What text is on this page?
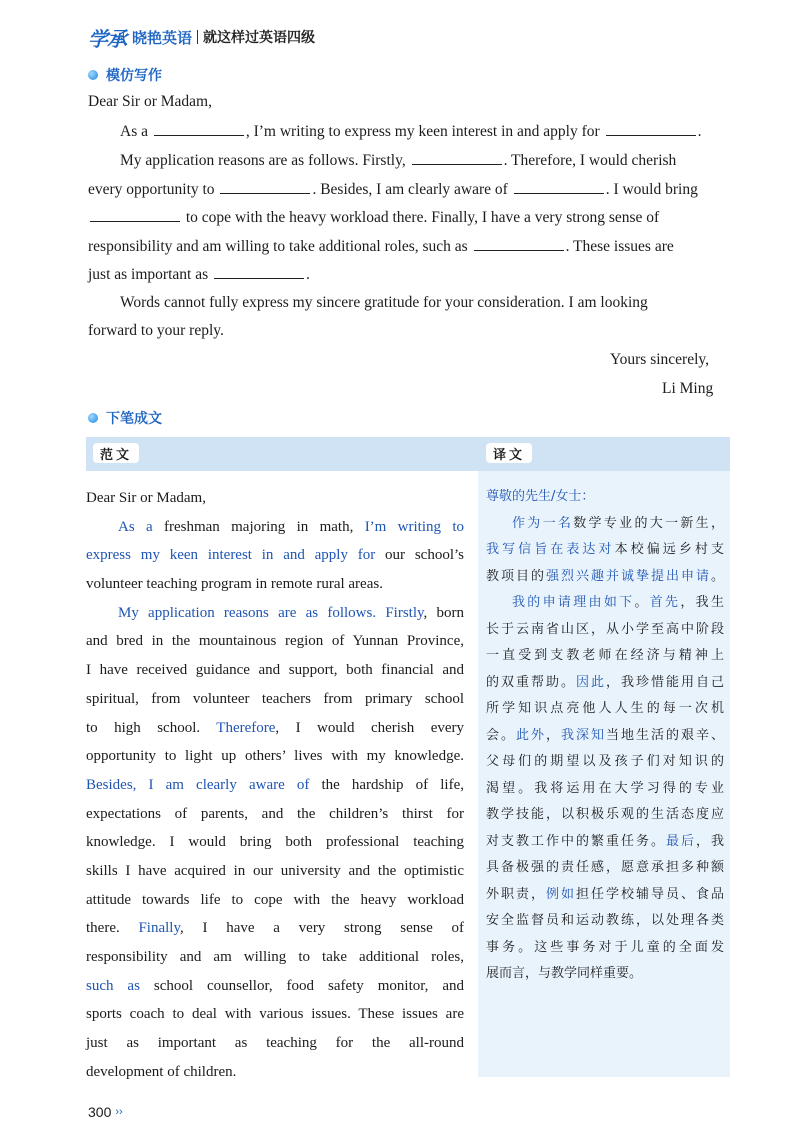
学承 晓艳英语 就这样过英语四级
模仿写作
Dear Sir or Madam,
As a	, I’m writing to express my keen interest in and apply for	.
My application reasons are as follows. Firstly,	. Therefore, I would cherish
every opportunity to	. Besides, I am clearly aware of	. I would bring
to cope with the heavy workload there. Finally, I have a very strong sense of
responsibility and am willing to take additional roles, such as	. These issues are
just as important as	.
Words cannot fully express my sincere gratitude for your consideration. I am looking
forward to your reply.
Yours sincerely,
Li Ming
下笔成文
范文	译文
Dear Sir or Madam,
As a freshman majoring in math, I’m writing to
express my keen interest in and apply for our school’s
volunteer teaching program in remote rural areas.
My application reasons are as follows. Firstly, born
and bred in the mountainous region of Yunnan Province,
I have received guidance and support, both financial and
spiritual, from volunteer teachers from primary school
to high school. Therefore, I would cherish every
opportunity to light up others’ lives with my knowledge.
Besides, I am clearly aware of the hardship of life,
expectations of parents, and the children’s thirst for
knowledge. I would bring both professional teaching
skills I have acquired in our university and the optimistic
attitude towards life to cope with the heavy workload
there. Finally, I have a very strong sense of
responsibility and am willing to take additional roles,
such as school counsellor, food safety monitor, and
sports coach to deal with various issues. These issues are
just as important as teaching for the all-round
development of children.
尊敬的先生/女士：
作为一名数学专业的大一新生，
我写信旨在表达对本校偏远乡村支
教项目的强烈兴趣并诚挚提出申请。
我的申请理由如下。首先，我生
长于云南省山区，从小学至高中阶段
一直受到支教老师在经济与精神上
的双重帮助。因此，我珍惜能用自己
所学知识点亮他人人生的每一次机
会。此外，我深知当地生活的艰辛、
父母们的期望以及孩子们对知识的
渴望。我将运用在大学习得的专业
教学技能，以积极乐观的生活态度应
对支教工作中的繁重任务。最后，我
具备极强的责任感，愿意承担多种额
外职责，例如担任学校辅导员、食品
安全监督员和运动教练，以处理各类
事务。这些事务对于儿童的全面发
展而言，与教学同样重要。
300 ››
